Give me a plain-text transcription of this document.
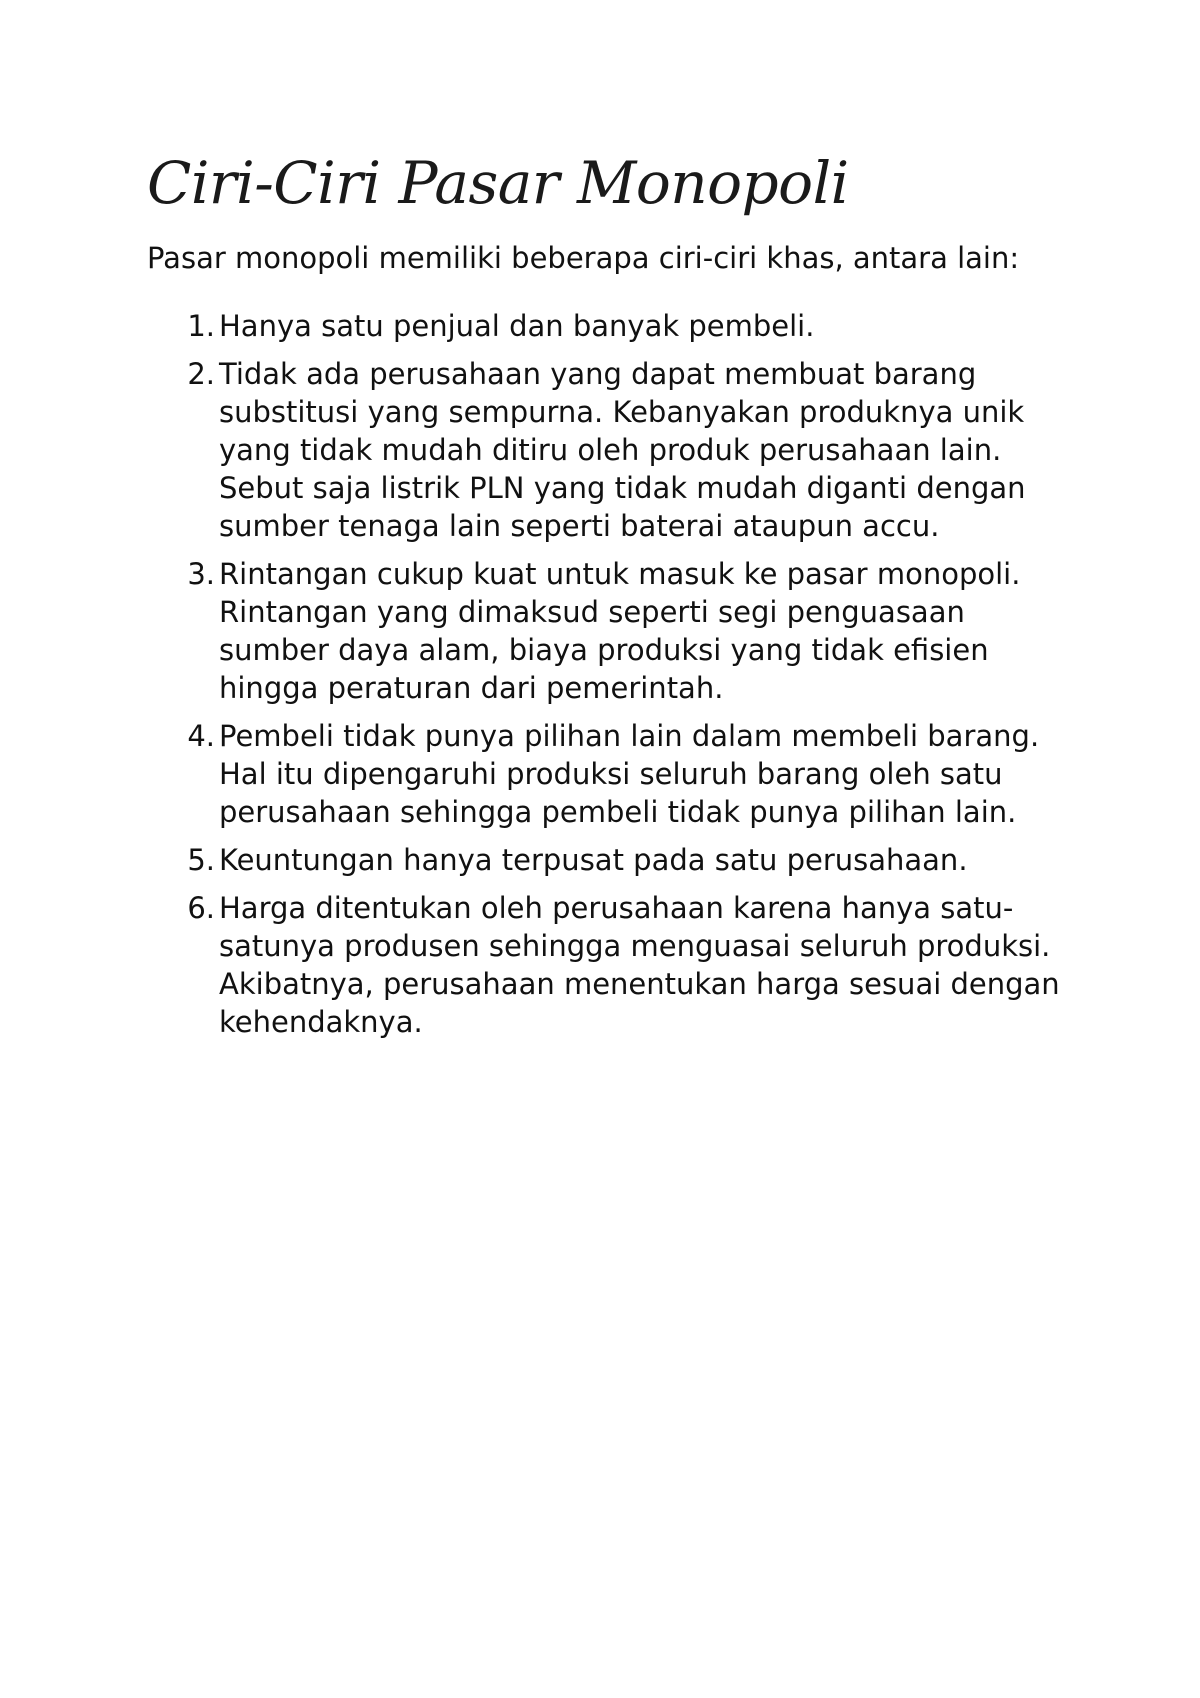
Ciri-Ciri Pasar Monopoli

Pasar monopoli memiliki beberapa ciri-ciri khas, antara lain:

1. Hanya satu penjual dan banyak pembeli.
2. Tidak ada perusahaan yang dapat membuat barang substitusi yang sempurna. Kebanyakan produknya unik yang tidak mudah ditiru oleh produk perusahaan lain. Sebut saja listrik PLN yang tidak mudah diganti dengan sumber tenaga lain seperti baterai ataupun accu.
3. Rintangan cukup kuat untuk masuk ke pasar monopoli. Rintangan yang dimaksud seperti segi penguasaan sumber daya alam, biaya produksi yang tidak efisien hingga peraturan dari pemerintah.
4. Pembeli tidak punya pilihan lain dalam membeli barang. Hal itu dipengaruhi produksi seluruh barang oleh satu perusahaan sehingga pembeli tidak punya pilihan lain.
5. Keuntungan hanya terpusat pada satu perusahaan.
6. Harga ditentukan oleh perusahaan karena hanya satu-satunya produsen sehingga menguasai seluruh produksi. Akibatnya, perusahaan menentukan harga sesuai dengan kehendaknya.
